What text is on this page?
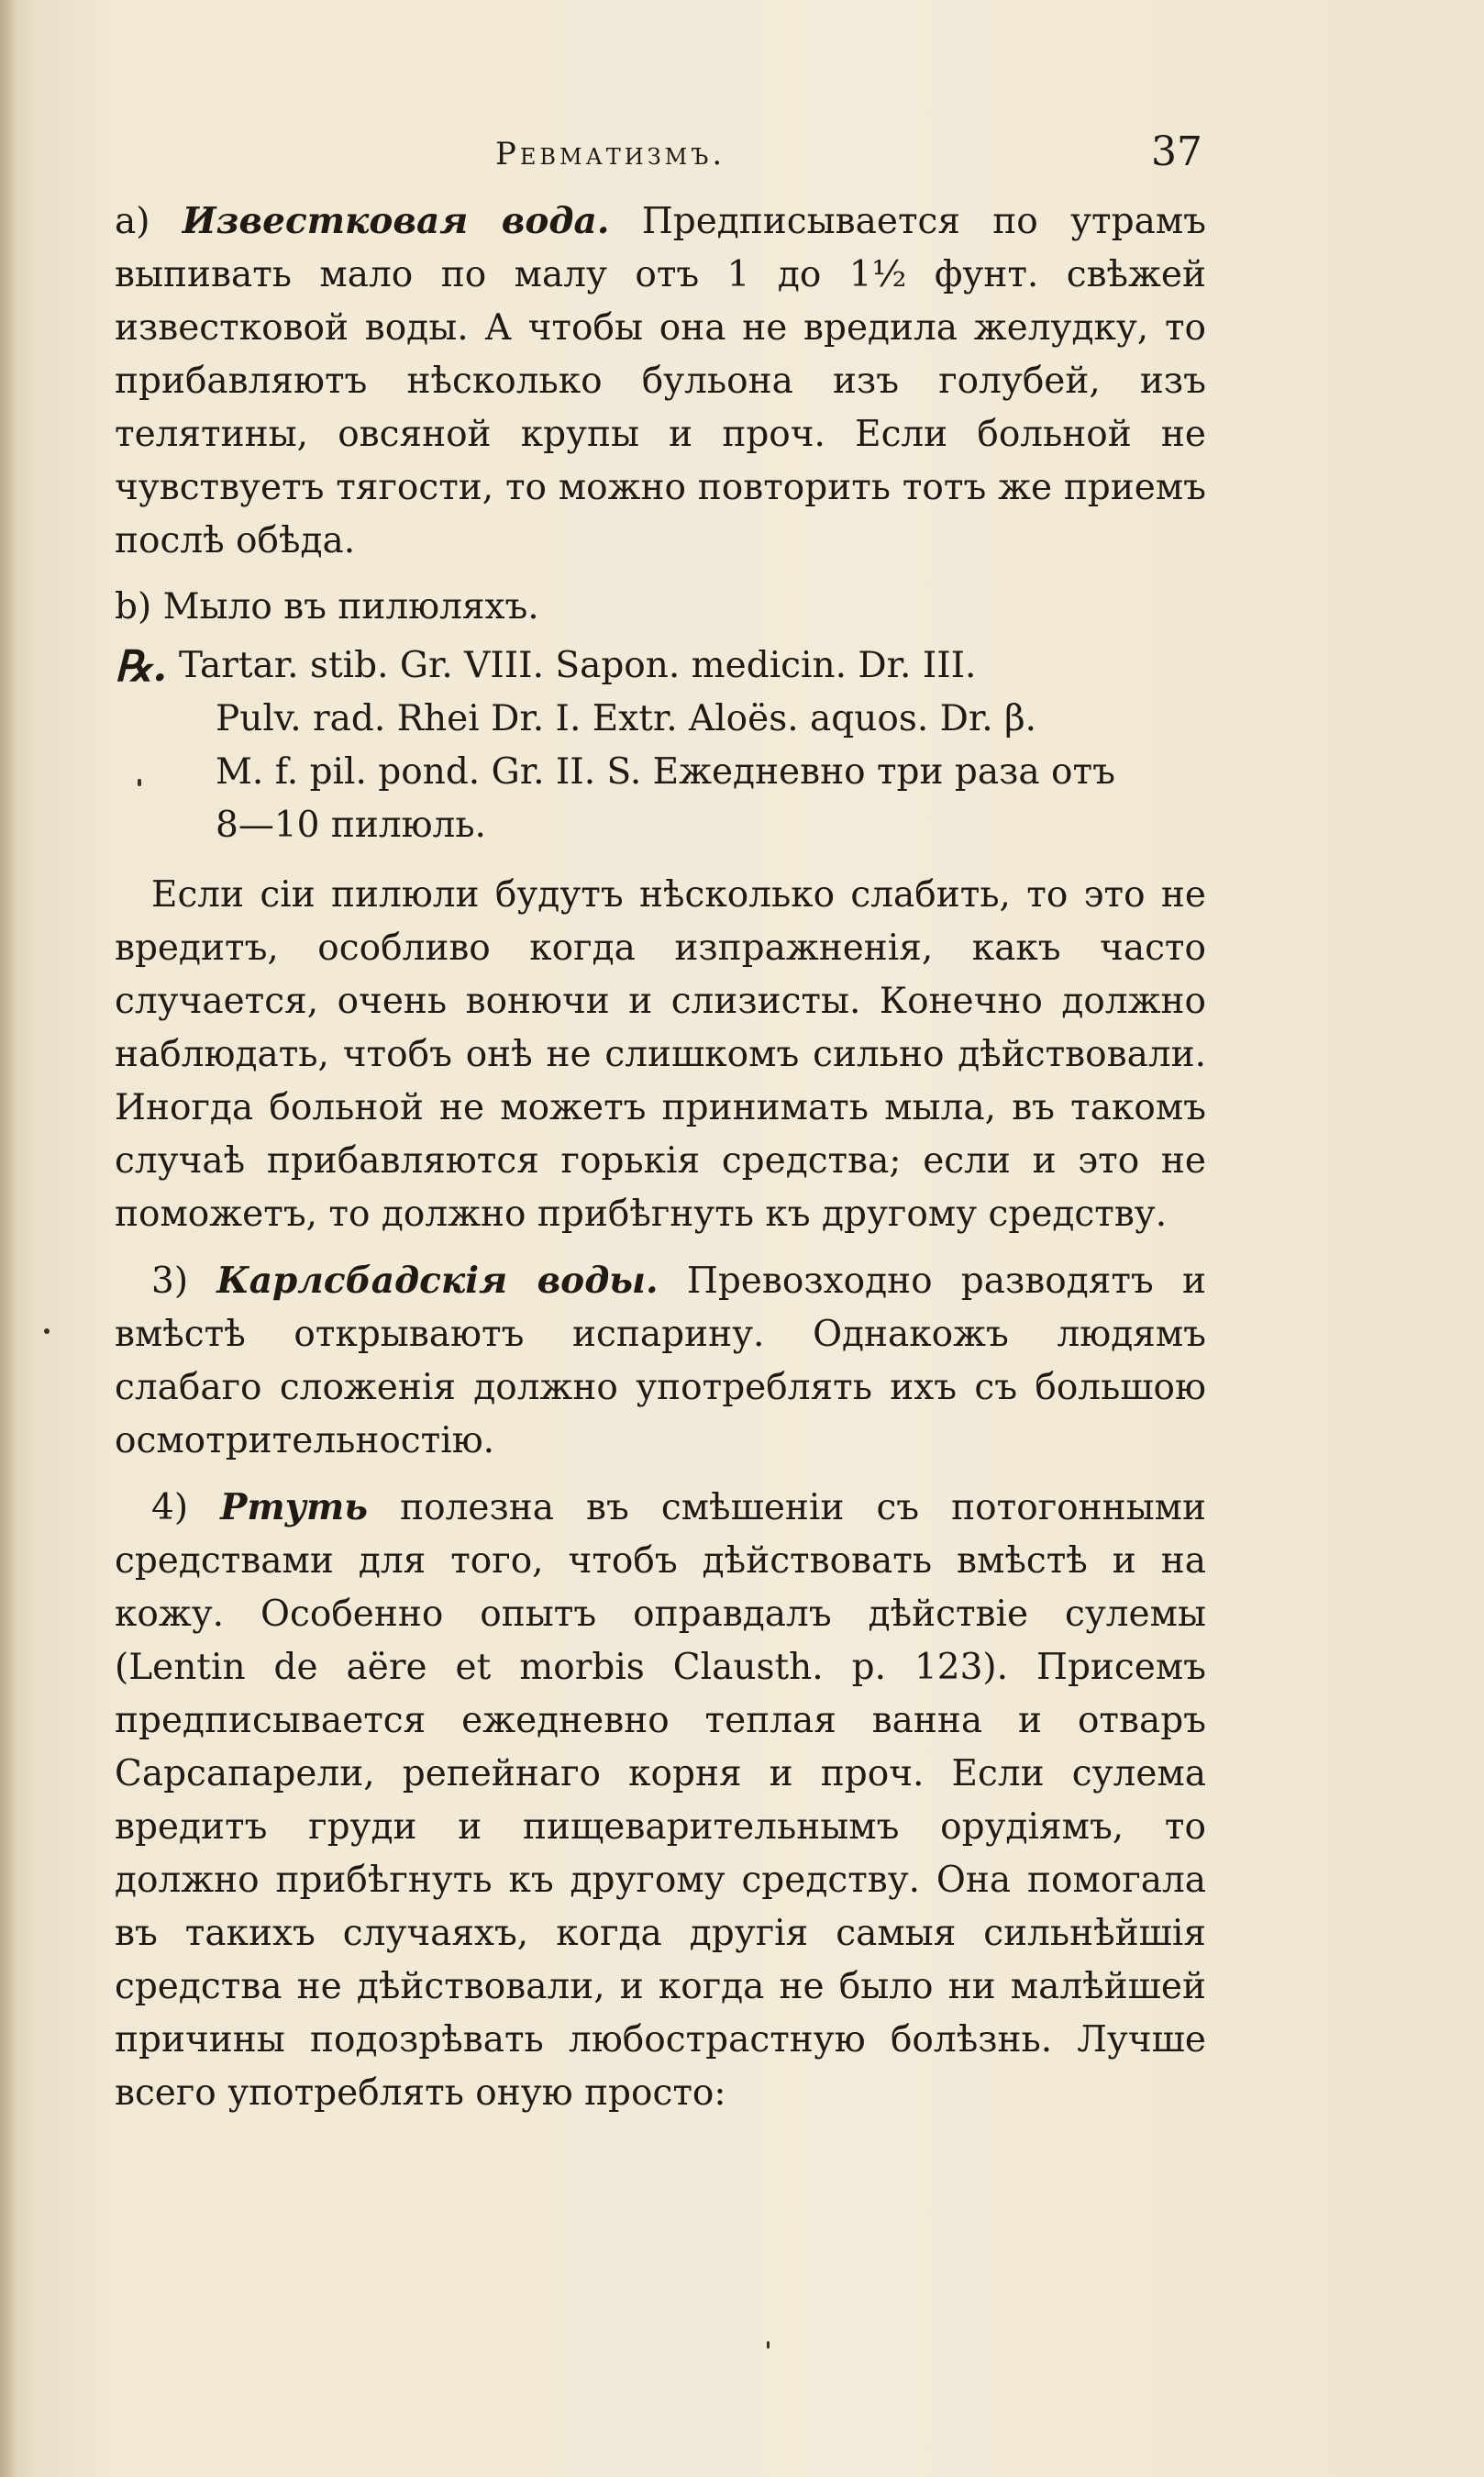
Ревматизмъ.	37

a) Известковая вода. Предписывается по утрамъ выпивать мало по малу отъ 1 до 1½ фунт. свѣжей известковой воды. А чтобы она не вредила желудку, то прибавляютъ нѣсколько бульона изъ голубей, изъ телятины, овсяной крупы и проч. Если больной не чувствуетъ тягости, то можно повторить тотъ же приемъ послѣ обѣда.

b) Мыло въ пилюляхъ.

℞. Tartar. stib. Gr. VIII. Sapon. medicin. Dr. III.
Pulv. rad. Rhei Dr. I. Extr. Aloës. aquos. Dr. β.
M. f. pil. pond. Gr. II. S. Ежедневно три раза отъ
8—10 пилюль.

Если сіи пилюли будутъ нѣсколько слабить, то это не вредитъ, особливо когда изпражненія, какъ часто случается, очень вонючи и слизисты. Конечно должно наблюдать, чтобъ онѣ не слишкомъ сильно дѣйствовали. Иногда больной не можетъ принимать мыла, въ такомъ случаѣ прибавляются горькія средства; если и это не поможетъ, то должно прибѣгнуть къ другому средству.

3) Карлсбадскія воды. Превозходно разводятъ и вмѣстѣ открываютъ испарину. Однакожъ людямъ слабаго сложенія должно употреблять ихъ съ большою осмотрительностію.

4) Ртуть полезна въ смѣшеніи съ потогонными средствами для того, чтобъ дѣйствовать вмѣстѣ и на кожу. Особенно опытъ оправдалъ дѣйствіе сулемы (Lentin de aëre et morbis Clausth. p. 123). Присемъ предписывается ежедневно теплая ванна и отваръ Сарсапарели, репейнаго корня и проч. Если сулема вредитъ груди и пищеварительнымъ орудіямъ, то должно прибѣгнуть къ другому средству. Она помогала въ такихъ случаяхъ, когда другія самыя сильнѣйшія средства не дѣйствовали, и когда не было ни малѣйшей причины подозрѣвать любострастную болѣзнь. Лучше всего употреблять оную просто:
